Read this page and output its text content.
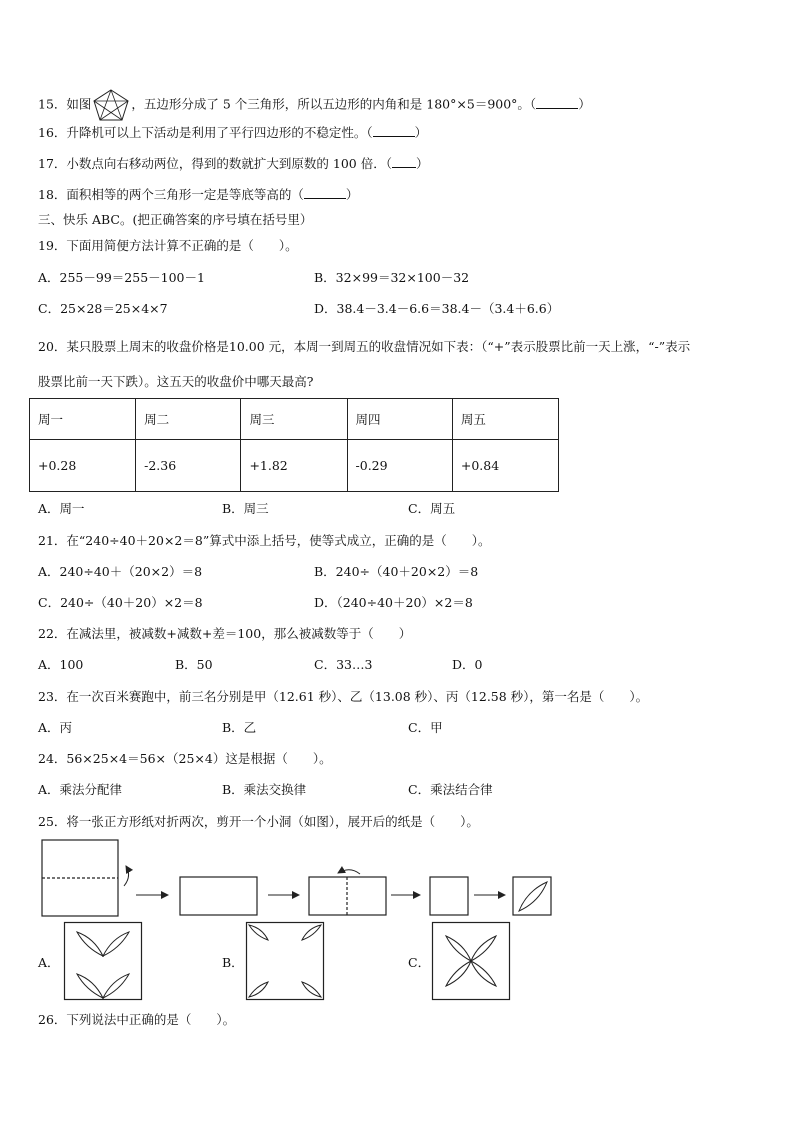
15．如图	，五边形分成了 5 个三角形，所以五边形的内角和是 180°×5＝900°。（	）
16．升降机可以上下活动是利用了平行四边形的不稳定性。（	）
17．小数点向右移动两位，得到的数就扩大到原数的 100 倍．（ ）
18．面积相等的两个三角形一定是等底等高的（	）
三、快乐 ABC。(把正确答案的序号填在括号里）
19．下面用简便方法计算不正确的是（　　）。
A．255－99＝255－100－1	B．32×99＝32×100－32
C．25×28＝25×4×7	D．38.4－3.4－6.6＝38.4－（3.4＋6.6）
20．某只股票上周末的收盘价格是10.00 元，本周一到周五的收盘情况如下表：（“+”表示股票比前一天上涨，“-”表示
股票比前一天下跌）。这五天的收盘价中哪天最高?
周一	周二	周三	周四	周五
+0.28	-2.36	+1.82	-0.29	+0.84
A．周一	B．周三	C．周五
21．在“240÷40＋20×2＝8”算式中添上括号，使等式成立，正确的是（　　）。
A．240÷40＋（20×2）＝8	B．240÷（40＋20×2）＝8
C．240÷（40＋20）×2＝8	D．（240÷40＋20）×2＝8
22．在减法里，被减数+减数+差＝100，那么被减数等于（　　）
A．100	B．50	C．33…3	D．0
23．在一次百米赛跑中，前三名分别是甲（12.61 秒）、乙（13.08 秒）、丙（12.58 秒），第一名是（　　）。
A．丙	B．乙	C．甲
24．56×25×4＝56×（25×4）这是根据（　　）。
A．乘法分配律	B．乘法交换律	C．乘法结合律
25．将一张正方形纸对折两次，剪开一个小洞（如图），展开后的纸是（　　）。
A．	B．	C．
26．下列说法中正确的是（　　）。
